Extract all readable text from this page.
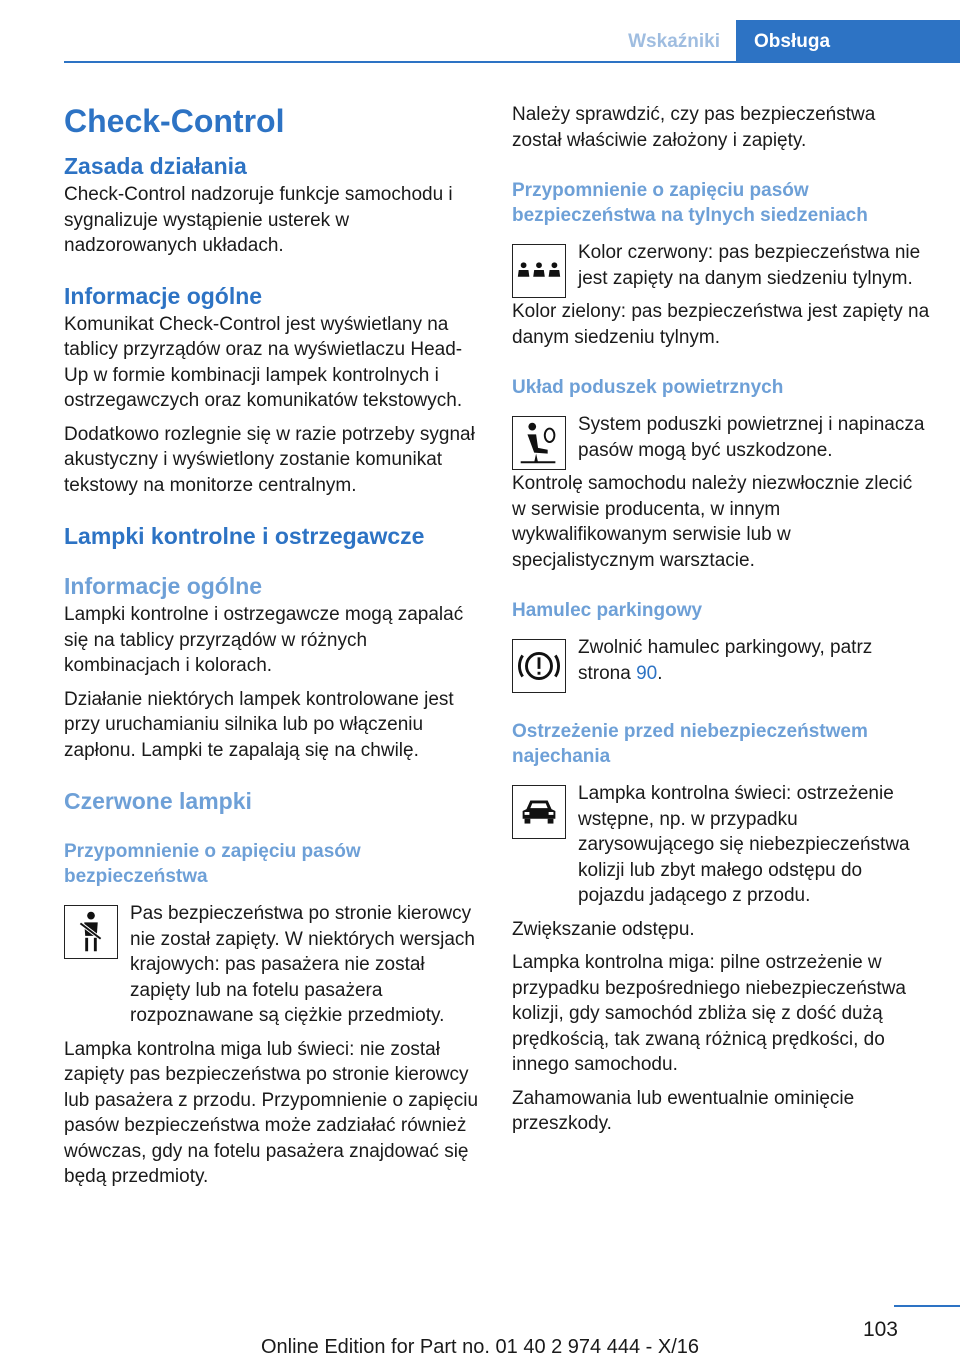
Wskaźniki	Obsługa
Check-Control
Zasada działania

Check-Control nadzoruje funkcje samochodu i sygnalizuje wystąpienie usterek w nadzorowanych układach.

Informacje ogólne

Komunikat Check-Control jest wyświetlany na tablicy przyrządów oraz na wyświetlaczu Head-Up w formie kombinacji lampek kontrolnych i ostrzegawczych oraz komunikatów tekstowych.

Dodatkowo rozlegnie się w razie potrzeby sygnał akustyczny i wyświetlony zostanie komunikat tekstowy na monitorze centralnym.

Lampki kontrolne i ostrzegawcze
Informacje ogólne

Lampki kontrolne i ostrzegawcze mogą zapalać się na tablicy przyrządów w różnych kombinacjach i kolorach.

Działanie niektórych lampek kontrolowane jest przy uruchamianiu silnika lub po włączeniu zapłonu. Lampki te zapalają się na chwilę.

Czerwone lampki
Przypomnienie o zapięciu pasów bezpieczeństwa

Pas bezpieczeństwa po stronie kierowcy nie został zapięty. W niektórych wersjach krajowych: pas pasażera nie został zapięty lub na fotelu pasażera rozpoznawane są ciężkie przedmioty.

Lampka kontrolna miga lub świeci: nie został zapięty pas bezpieczeństwa po stronie kierowcy lub pasażera z przodu. Przypomnienie o zapięciu pasów bezpieczeństwa może zadziałać również wówczas, gdy na fotelu pasażera znajdować się będą przedmioty.

Należy sprawdzić, czy pas bezpieczeństwa został właściwie założony i zapięty.

Przypomnienie o zapięciu pasów bezpieczeństwa na tylnych siedzeniach

Kolor czerwony: pas bezpieczeństwa nie jest zapięty na danym siedzeniu tylnym.

Kolor zielony: pas bezpieczeństwa jest zapięty na danym siedzeniu tylnym.

Układ poduszek powietrznych

System poduszki powietrznej i napinacza pasów mogą być uszkodzone.

Kontrolę samochodu należy niezwłocznie zlecić w serwisie producenta, w innym wykwalifikowanym serwisie lub w specjalistycznym warsztacie.

Hamulec parkingowy

Zwolnić hamulec parkingowy, patrz strona 90.

Ostrzeżenie przed niebezpieczeństwem najechania

Lampka kontrolna świeci: ostrzeżenie wstępne, np. w przypadku zarysowującego się niebezpieczeństwa kolizji lub zbyt małego odstępu do pojazdu jadącego z przodu.

Zwiększanie odstępu.

Lampka kontrolna miga: pilne ostrzeżenie w przypadku bezpośredniego niebezpieczeństwa kolizji, gdy samochód zbliża się z dość dużą prędkością, tak zwaną różnicą prędkości, do innego samochodu.

Zahamowania lub ewentualnie ominięcie przeszkody.

103
Online Edition for Part no. 01 40 2 974 444 - X/16
